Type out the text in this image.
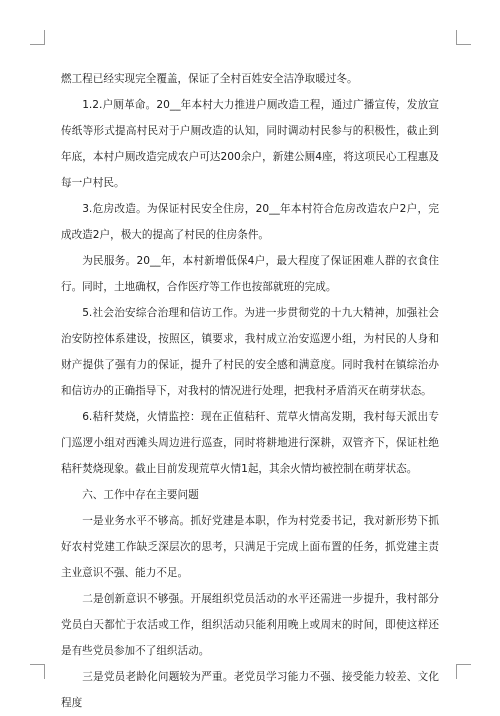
燃工程已经实现完全覆盖，保证了全村百姓安全洁净取暖过冬。

1.2.户厕革命。20__年本村大力推进户厕改造工程，通过广播宣传，发放宣传纸等形式提高村民对于户厕改造的认知，同时调动村民参与的积极性，截止到年底，本村户厕改造完成农户可达200余户，新建公厕4座，将这项民心工程惠及每一户村民。

3.危房改造。为保证村民安全住房，20__年本村符合危房改造农户2户，完成改造2户，极大的提高了村民的住房条件。

为民服务。20__年，本村新增低保4户，最大程度了保证困难人群的衣食住行。同时，土地确权，合作医疗等工作也按部就班的完成。

5.社会治安综合治理和信访工作。为进一步贯彻党的十九大精神，加强社会治安防控体系建设，按照区，镇要求，我村成立治安巡逻小组，为村民的人身和财产提供了强有力的保证，提升了村民的安全感和满意度。同时我村在镇综治办和信访办的正确指导下，对我村的情况进行处理，把我村矛盾消灭在萌芽状态。

6.秸秆焚烧，火情监控：现在正值秸秆、荒草火情高发期，我村每天派出专门巡逻小组对西滩头周边进行巡查，同时将耕地进行深耕，双管齐下，保证杜绝秸秆焚烧现象。截止目前发现荒草火情1起，其余火情均被控制在萌芽状态。

六、工作中存在主要问题

一是业务水平不够高。抓好党建是本职，作为村党委书记，我对新形势下抓好农村党建工作缺乏深层次的思考，只满足于完成上面布置的任务，抓党建主责主业意识不强、能力不足。

二是创新意识不够强。开展组织党员活动的水平还需进一步提升，我村部分党员白天都忙于农活或工作，组织活动只能利用晚上或周末的时间，即使这样还是有些党员参加不了组织活动。

三是党员老龄化问题较为严重。老党员学习能力不强、接受能力较差、文化程度
